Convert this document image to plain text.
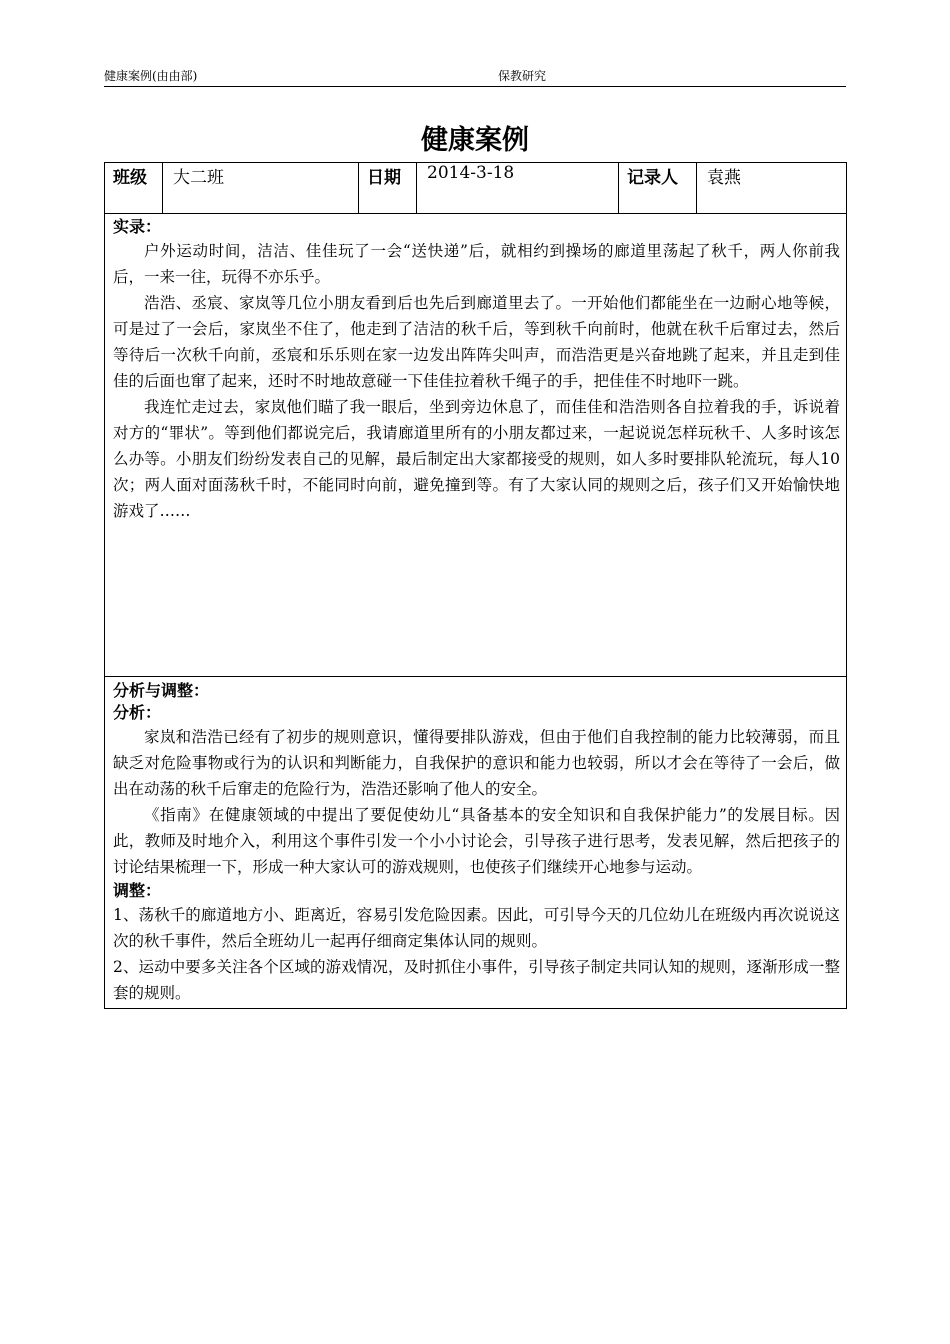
健康案例(由由部)	保教研究
健康案例
班级	大二班	日期	2014-3-18	记录人	袁燕

实录：

户外运动时间，洁洁、佳佳玩了一会“送快递”后，就相约到操场的廊道里荡起了秋千，两人你前我后，一来一往，玩得不亦乐乎。

浩浩、丞宸、家岚等几位小朋友看到后也先后到廊道里去了。一开始他们都能坐在一边耐心地等候，可是过了一会后，家岚坐不住了，他走到了洁洁的秋千后，等到秋千向前时，他就在秋千后窜过去，然后等待后一次秋千向前，丞宸和乐乐则在家一边发出阵阵尖叫声，而浩浩更是兴奋地跳了起来，并且走到佳佳的后面也窜了起来，还时不时地故意碰一下佳佳拉着秋千绳子的手，把佳佳不时地吓一跳。

我连忙走过去，家岚他们瞄了我一眼后，坐到旁边休息了，而佳佳和浩浩则各自拉着我的手，诉说着对方的“罪状”。等到他们都说完后，我请廊道里所有的小朋友都过来，一起说说怎样玩秋千、人多时该怎么办等。小朋友们纷纷发表自己的见解，最后制定出大家都接受的规则，如人多时要排队轮流玩，每人10次；两人面对面荡秋千时，不能同时向前，避免撞到等。有了大家认同的规则之后，孩子们又开始愉快地游戏了……

分析与调整：
分析：

家岚和浩浩已经有了初步的规则意识，懂得要排队游戏，但由于他们自我控制的能力比较薄弱，而且缺乏对危险事物或行为的认识和判断能力，自我保护的意识和能力也较弱，所以才会在等待了一会后，做出在动荡的秋千后窜走的危险行为，浩浩还影响了他人的安全。

《指南》在健康领域的中提出了要促使幼儿“具备基本的安全知识和自我保护能力”的发展目标。因此，教师及时地介入，利用这个事件引发一个小小讨论会，引导孩子进行思考，发表见解，然后把孩子的讨论结果梳理一下，形成一种大家认可的游戏规则，也使孩子们继续开心地参与运动。

调整：

1、荡秋千的廊道地方小、距离近，容易引发危险因素。因此，可引导今天的几位幼儿在班级内再次说说这次的秋千事件，然后全班幼儿一起再仔细商定集体认同的规则。

2、运动中要多关注各个区域的游戏情况，及时抓住小事件，引导孩子制定共同认知的规则，逐渐形成一整套的规则。
